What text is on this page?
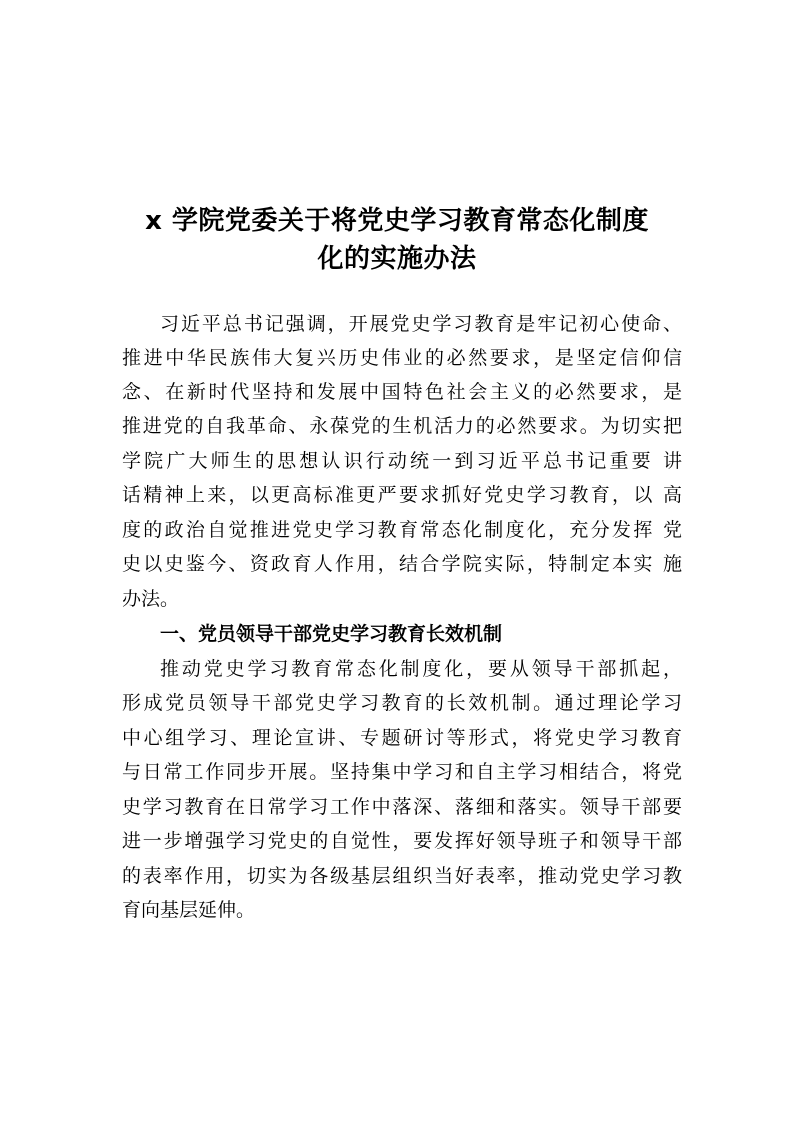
x 学院党委关于将党史学习教育常态化制度
化的实施办法

习近平总书记强调，开展党史学习教育是牢记初心使命、

推进中华民族伟大复兴历史伟业的必然要求，是坚定信仰信

念、在新时代坚持和发展中国特色社会主义的必然要求，是

推进党的自我革命、永葆党的生机活力的必然要求。为切实把

学院广大师生的思想认识行动统一到习近平总书记重要 讲

话精神上来，以更高标准更严要求抓好党史学习教育，以 高

度的政治自觉推进党史学习教育常态化制度化，充分发挥 党

史以史鉴今、资政育人作用，结合学院实际，特制定本实 施

办法。

一、党员领导干部党史学习教育长效机制

推动党史学习教育常态化制度化，要从领导干部抓起，

形成党员领导干部党史学习教育的长效机制。通过理论学习

中心组学习、理论宣讲、专题研讨等形式，将党史学习教育

与日常工作同步开展。坚持集中学习和自主学习相结合，将党

史学习教育在日常学习工作中落深、落细和落实。领导干部要

进一步增强学习党史的自觉性，要发挥好领导班子和领导干部

的表率作用，切实为各级基层组织当好表率，推动党史学习教

育向基层延伸。
